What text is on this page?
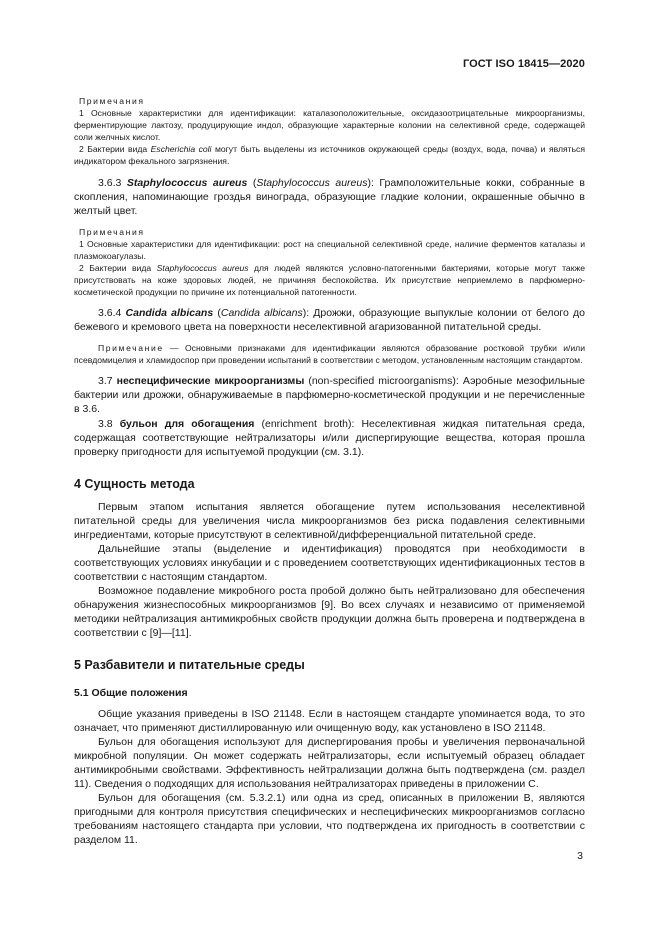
ГОСТ ISO 18415—2020

Примечания

1 Основные характеристики для идентификации: каталазоположительные, оксидазоотрицательные микроорганизмы, ферментирующие лактозу, продуцирующие индол, образующие характерные колонии на селективной среде, содержащей соли желчных кислот.

2 Бактерии вида Escherichia coli могут быть выделены из источников окружающей среды (воздух, вода, почва) и являться индикатором фекального загрязнения.

3.6.3 Staphylococcus aureus (Staphylococcus aureus): Грамположительные кокки, собранные в скопления, напоминающие гроздья винограда, образующие гладкие колонии, окрашенные обычно в желтый цвет.

Примечания

1 Основные характеристики для идентификации: рост на специальной селективной среде, наличие ферментов каталазы и плазмокоагулазы.

2 Бактерии вида Staphylococcus aureus для людей являются условно-патогенными бактериями, которые могут также присутствовать на коже здоровых людей, не причиняя беспокойства. Их присутствие неприемлемо в парфюмерно-косметической продукции по причине их потенциальной патогенности.

3.6.4 Candida albicans (Candida albicans): Дрожжи, образующие выпуклые колонии от белого до бежевого и кремового цвета на поверхности неселективной агаризованной питательной среды.

Примечание — Основными признаками для идентификации являются образование ростковой трубки и/или псевдомицелия и хламидоспор при проведении испытаний в соответствии с методом, установленным настоящим стандартом.

3.7 неспецифические микроорганизмы (non-specified microorganisms): Аэробные мезофильные бактерии или дрожжи, обнаруживаемые в парфюмерно-косметической продукции и не перечисленные в 3.6.

3.8 бульон для обогащения (enrichment broth): Неселективная жидкая питательная среда, содержащая соответствующие нейтрализаторы и/или диспергирующие вещества, которая прошла проверку пригодности для испытуемой продукции (см. 3.1).

4 Сущность метода

Первым этапом испытания является обогащение путем использования неселективной питательной среды для увеличения числа микроорганизмов без риска подавления селективными ингредиентами, которые присутствуют в селективной/дифференциальной питательной среде.

Дальнейшие этапы (выделение и идентификация) проводятся при необходимости в соответствующих условиях инкубации и с проведением соответствующих идентификационных тестов в соответствии с настоящим стандартом.

Возможное подавление микробного роста пробой должно быть нейтрализовано для обеспечения обнаружения жизнеспособных микроорганизмов [9]. Во всех случаях и независимо от применяемой методики нейтрализация антимикробных свойств продукции должна быть проверена и подтверждена в соответствии с [9]—[11].

5 Разбавители и питательные среды

5.1 Общие положения

Общие указания приведены в ISO 21148. Если в настоящем стандарте упоминается вода, то это означает, что применяют дистиллированную или очищенную воду, как установлено в ISO 21148.

Бульон для обогащения используют для диспергирования пробы и увеличения первоначальной микробной популяции. Он может содержать нейтрализаторы, если испытуемый образец обладает антимикробными свойствами. Эффективность нейтрализации должна быть подтверждена (см. раздел 11). Сведения о подходящих для использования нейтрализаторах приведены в приложении С.

Бульон для обогащения (см. 5.3.2.1) или одна из сред, описанных в приложении В, являются пригодными для контроля присутствия специфических и неспецифических микроорганизмов согласно требованиям настоящего стандарта при условии, что подтверждена их пригодность в соответствии с разделом 11.

3
